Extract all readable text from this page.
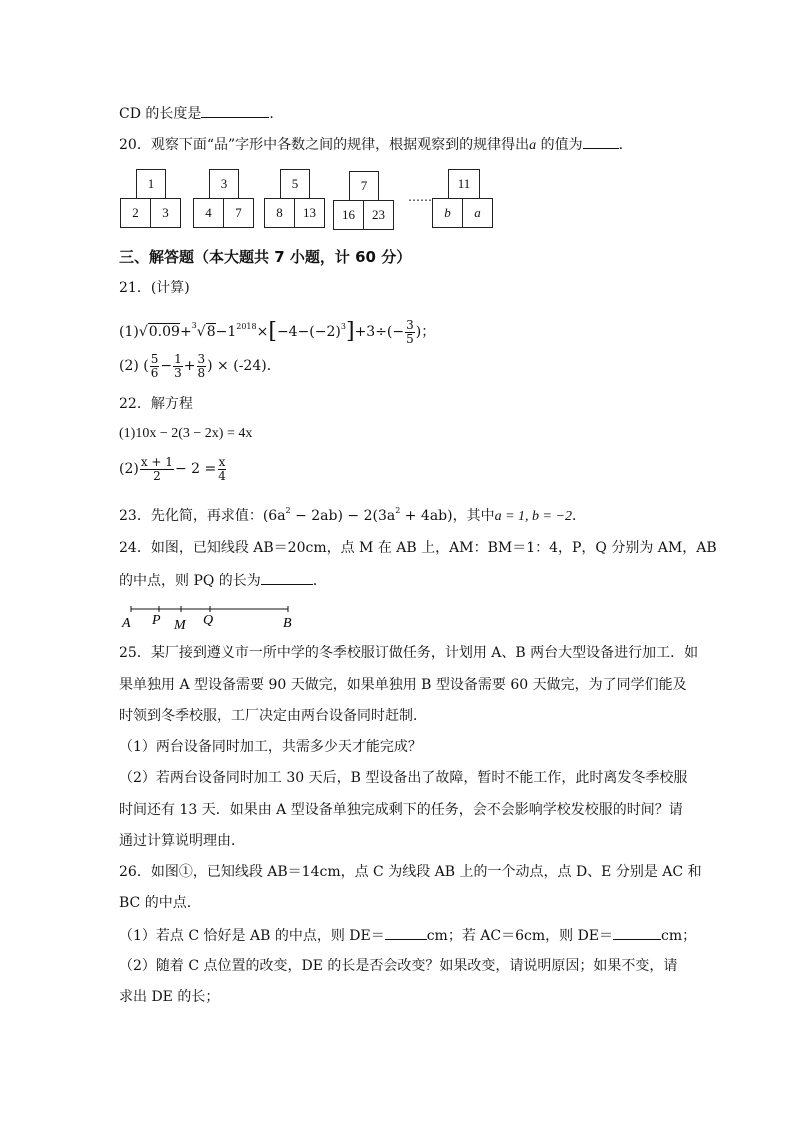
CD 的长度是	.
20．观察下面“品”字形中各数之间的规律，根据观察到的规律得出a 的值为	．
1
2	3
3
4	7
5
8	13
7
16	23
……
11
b	a
三、解答题（本大题共 7 小题，计 60 分）
21．(计算)
$(1)√0.09+^3√8-1^{2018}\times[-4-(-2)^3]+3\div(- \frac{3}{5}$ )；
(2) ( $\frac{5}{6} - \frac{1}{3} + \frac{3}{8}$ ) × (-24)．
22．解方程
(1)10x − 2(3 − 2x) = 4x
$(2) \frac{x + 1}{2} - 2 = \frac{x}{4}$
23．先化简，再求值：$(6a^2 - 2ab) - 2(3a^2 + 4ab)$，其中a = 1, b = −2．
24．如图，已知线段 AB＝20cm，点 M 在 AB 上，AM：BM＝1：4，P，Q 分别为 AM，AB
的中点，则 PQ 的长为	．
A P M Q	B
25．某厂接到遵义市一所中学的冬季校服订做任务，计划用 A、B 两台大型设备进行加工．如
果单独用 A 型设备需要 90 天做完，如果单独用 B 型设备需要 60 天做完，为了同学们能及
时领到冬季校服，工厂决定由两台设备同时赶制．
（1）两台设备同时加工，共需多少天才能完成？
（2）若两台设备同时加工 30 天后，B 型设备出了故障，暂时不能工作，此时离发冬季校服
时间还有 13 天．如果由 A 型设备单独完成剩下的任务，会不会影响学校发校服的时间？请
通过计算说明理由．
26．如图①，已知线段 AB＝14cm，点 C 为线段 AB 上的一个动点，点 D、E 分别是 AC 和
BC 的中点．
（1）若点 C 恰好是 AB 的中点，则 DE＝	cm；若 AC＝6cm，则 DE＝	cm；
（2）随着 C 点位置的改变，DE 的长是否会改变？如果改变，请说明原因；如果不变，请
求出 DE 的长；
